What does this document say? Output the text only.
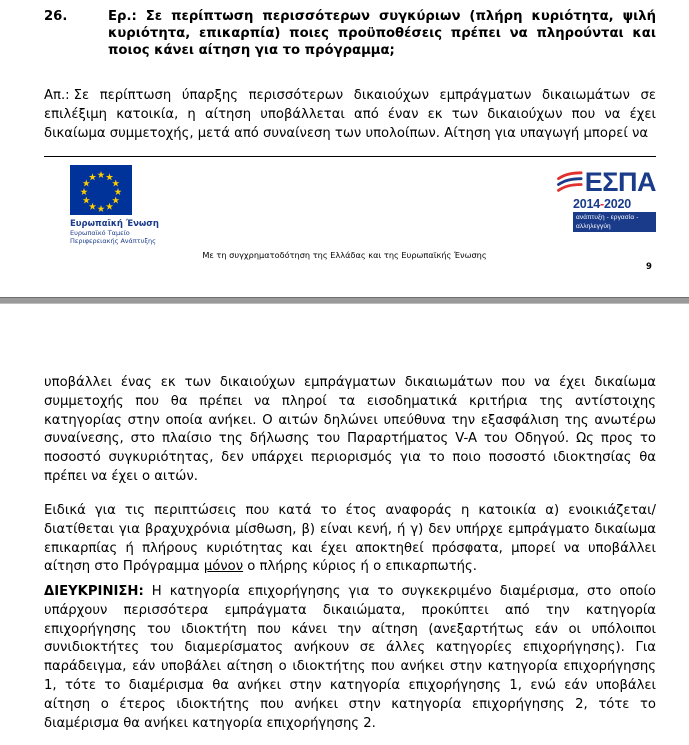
26.	Ερ.: Σε περίπτωση περισσότερων συγκύριων (πλήρη κυριότητα, ψιλή κυριότητα, επικαρπία) ποιες προϋποθέσεις πρέπει να πληρούνται και ποιος κάνει αίτηση για το πρόγραμμα;
Απ.: Σε περίπτωση ύπαρξης περισσότερων δικαιούχων εμπράγματων δικαιωμάτων σε επιλέξιμη κατοικία, η αίτηση υποβάλλεται από έναν εκ των δικαιούχων που να έχει δικαίωμα συμμετοχής, μετά από συναίνεση των υπολοίπων. Αίτηση για υπαγωγή μπορεί να
Ευρωπαϊκή Ένωση
Ευρωπαϊκό Ταμείο
Περιφερειακής Ανάπτυξης
ΕΣΠΑ
2014-2020
ανάπτυξη - εργασία - αλληλεγγύη
Με τη συγχρηματοδότηση της Ελλάδας και της Ευρωπαϊκής Ένωσης
9
υποβάλλει ένας εκ των δικαιούχων εμπράγματων δικαιωμάτων που να έχει δικαίωμα συμμετοχής που θα πρέπει να πληροί τα εισοδηματικά κριτήρια της αντίστοιχης κατηγορίας στην οποία ανήκει. Ο αιτών δηλώνει υπεύθυνα την εξασφάλιση της ανωτέρω συναίνεσης, στο πλαίσιο της δήλωσης του Παραρτήματος V-A του Οδηγού. Ως προς το ποσοστό συγκυριότητας, δεν υπάρχει περιορισμός για το ποιο ποσοστό ιδιοκτησίας θα πρέπει να έχει ο αιτών.
Ειδικά για τις περιπτώσεις που κατά το έτος αναφοράς η κατοικία α) ενοικιάζεται/διατίθεται για βραχυχρόνια μίσθωση, β) είναι κενή, ή γ) δεν υπήρχε εμπράγματο δικαίωμα επικαρπίας ή πλήρους κυριότητας και έχει αποκτηθεί πρόσφατα, μπορεί να υποβάλλει αίτηση στο Πρόγραμμα μόνον ο πλήρης κύριος ή ο επικαρπωτής.
ΔΙΕΥΚΡΙΝΙΣΗ: Η κατηγορία επιχορήγησης για το συγκεκριμένο διαμέρισμα, στο οποίο υπάρχουν περισσότερα εμπράγματα δικαιώματα, προκύπτει από την κατηγορία επιχορήγησης του ιδιοκτήτη που κάνει την αίτηση (ανεξαρτήτως εάν οι υπόλοιποι συνιδιοκτήτες του διαμερίσματος ανήκουν σε άλλες κατηγορίες επιχορήγησης). Για παράδειγμα, εάν υποβάλει αίτηση ο ιδιοκτήτης που ανήκει στην κατηγορία επιχορήγησης 1, τότε το διαμέρισμα θα ανήκει στην κατηγορία επιχορήγησης 1, ενώ εάν υποβάλει αίτηση ο έτερος ιδιοκτήτης που ανήκει στην κατηγορία επιχορήγησης 2, τότε το διαμέρισμα θα ανήκει κατηγορία επιχορήγησης 2.
